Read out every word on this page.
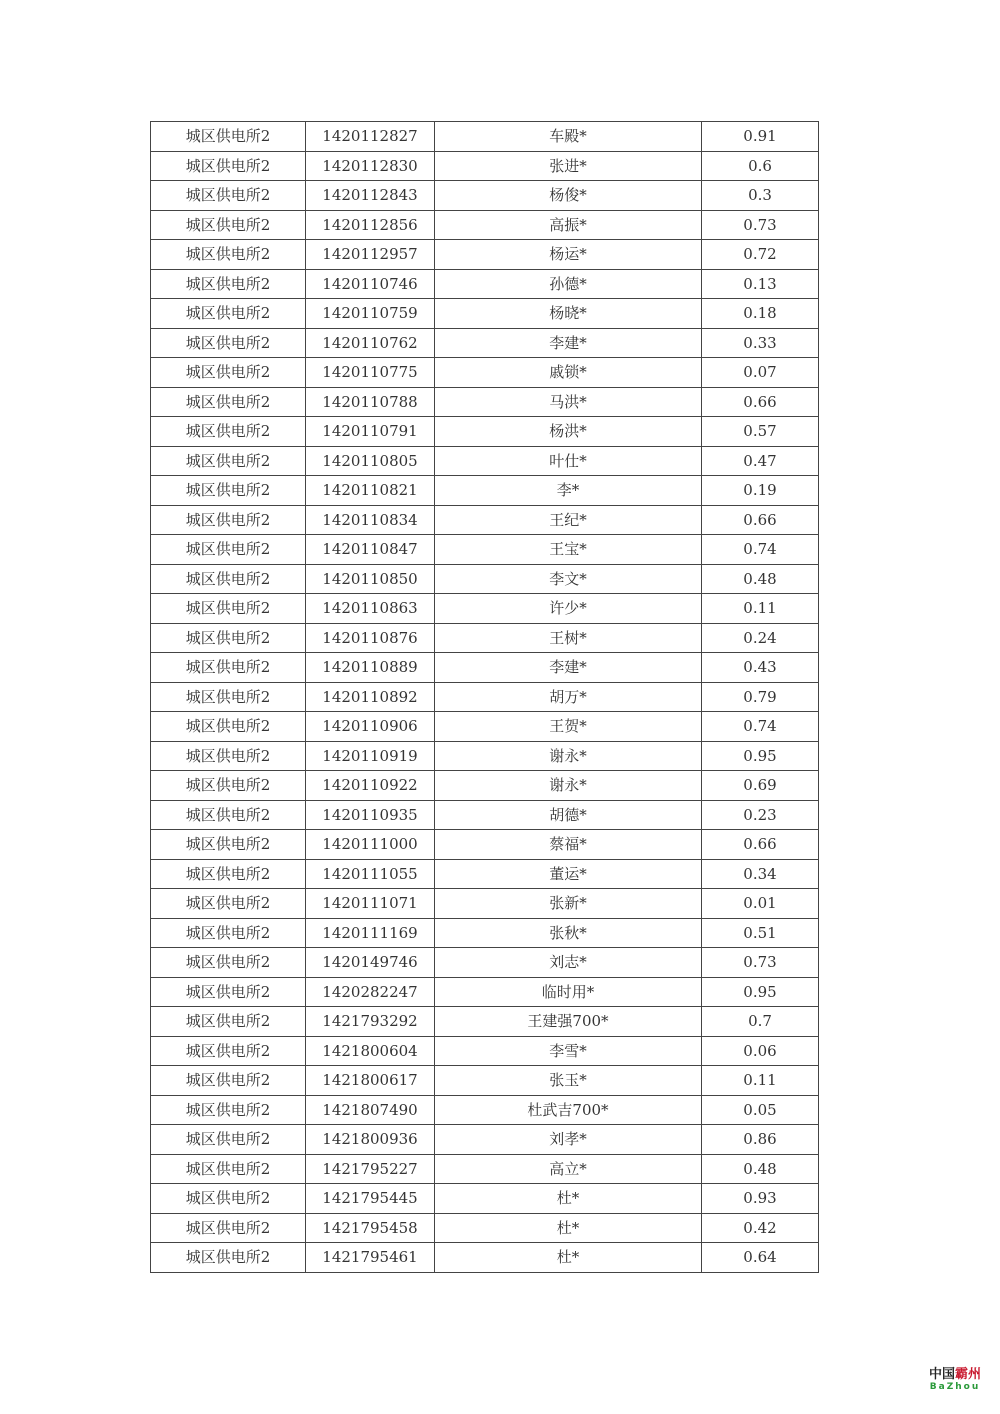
城区供电所2	1420112827	车殿*	0.91
城区供电所2	1420112830	张进*	0.6
城区供电所2	1420112843	杨俊*	0.3
城区供电所2	1420112856	高振*	0.73
城区供电所2	1420112957	杨运*	0.72
城区供电所2	1420110746	孙德*	0.13
城区供电所2	1420110759	杨晓*	0.18
城区供电所2	1420110762	李建*	0.33
城区供电所2	1420110775	戚锁*	0.07
城区供电所2	1420110788	马洪*	0.66
城区供电所2	1420110791	杨洪*	0.57
城区供电所2	1420110805	叶仕*	0.47
城区供电所2	1420110821	李*	0.19
城区供电所2	1420110834	王纪*	0.66
城区供电所2	1420110847	王宝*	0.74
城区供电所2	1420110850	李文*	0.48
城区供电所2	1420110863	许少*	0.11
城区供电所2	1420110876	王树*	0.24
城区供电所2	1420110889	李建*	0.43
城区供电所2	1420110892	胡万*	0.79
城区供电所2	1420110906	王贺*	0.74
城区供电所2	1420110919	谢永*	0.95
城区供电所2	1420110922	谢永*	0.69
城区供电所2	1420110935	胡德*	0.23
城区供电所2	1420111000	蔡福*	0.66
城区供电所2	1420111055	董运*	0.34
城区供电所2	1420111071	张新*	0.01
城区供电所2	1420111169	张秋*	0.51
城区供电所2	1420149746	刘志*	0.73
城区供电所2	1420282247	临时用*	0.95
城区供电所2	1421793292	王建强700*	0.7
城区供电所2	1421800604	李雪*	0.06
城区供电所2	1421800617	张玉*	0.11
城区供电所2	1421807490	杜武吉700*	0.05
城区供电所2	1421800936	刘孝*	0.86
城区供电所2	1421795227	高立*	0.48
城区供电所2	1421795445	杜*	0.93
城区供电所2	1421795458	杜*	0.42
城区供电所2	1421795461	杜*	0.64
中国霸州
BaZhou
